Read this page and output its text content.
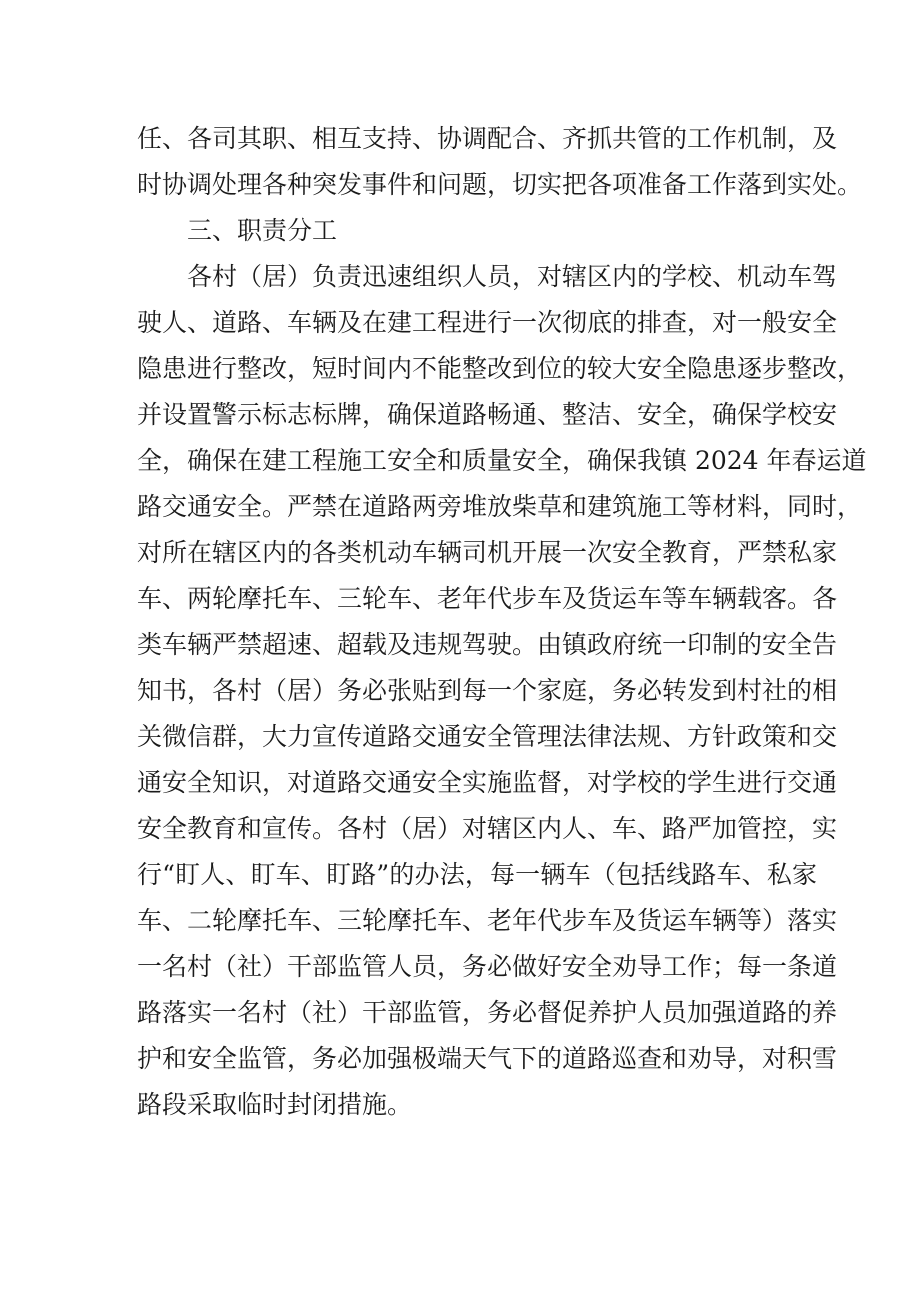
任、各司其职、相互支持、协调配合、齐抓共管的工作机制，及
时协调处理各种突发事件和问题，切实把各项准备工作落到实处。
三、职责分工
各村（居）负责迅速组织人员，对辖区内的学校、机动车驾
驶人、道路、车辆及在建工程进行一次彻底的排查，对一般安全
隐患进行整改，短时间内不能整改到位的较大安全隐患逐步整改，
并设置警示标志标牌，确保道路畅通、整洁、安全，确保学校安
全，确保在建工程施工安全和质量安全，确保我镇 2024 年春运道
路交通安全。严禁在道路两旁堆放柴草和建筑施工等材料，同时，
对所在辖区内的各类机动车辆司机开展一次安全教育，严禁私家
车、两轮摩托车、三轮车、老年代步车及货运车等车辆载客。各
类车辆严禁超速、超载及违规驾驶。由镇政府统一印制的安全告
知书，各村（居）务必张贴到每一个家庭，务必转发到村社的相
关微信群，大力宣传道路交通安全管理法律法规、方针政策和交
通安全知识，对道路交通安全实施监督，对学校的学生进行交通
安全教育和宣传。各村（居）对辖区内人、车、路严加管控，实
行“盯人、盯车、盯路”的办法，每一辆车（包括线路车、私家
车、二轮摩托车、三轮摩托车、老年代步车及货运车辆等）落实
一名村（社）干部监管人员，务必做好安全劝导工作；每一条道
路落实一名村（社）干部监管，务必督促养护人员加强道路的养
护和安全监管，务必加强极端天气下的道路巡查和劝导，对积雪
路段采取临时封闭措施。
